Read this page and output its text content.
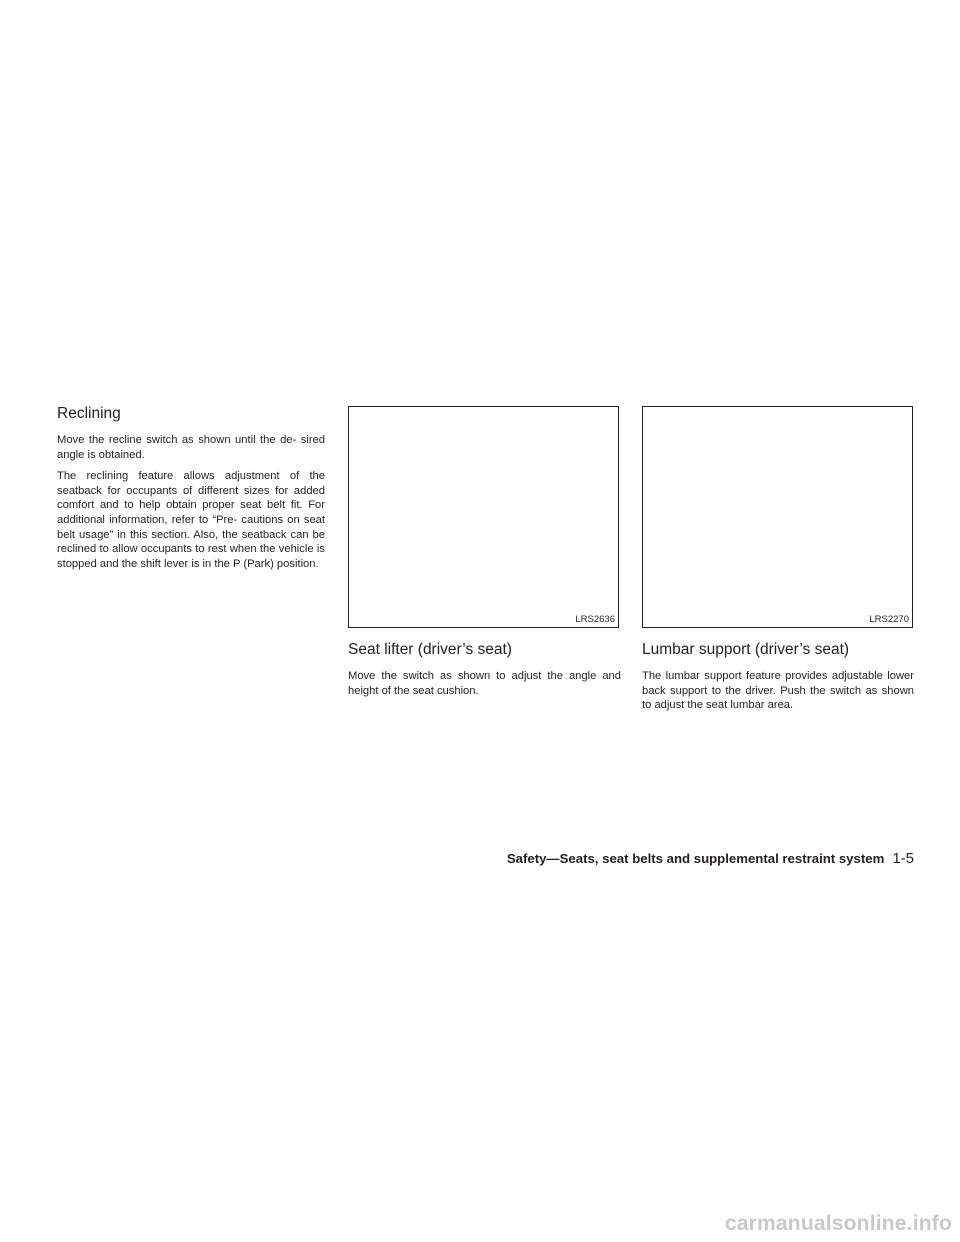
Reclining

Move the recline switch as shown until the de- sired angle is obtained.

The reclining feature allows adjustment of the seatback for occupants of different sizes for added comfort and to help obtain proper seat belt fit. For additional information, refer to “Pre- cautions on seat belt usage” in this section. Also, the seatback can be reclined to allow occupants to rest when the vehicle is stopped and the shift lever is in the P (Park) position.

LRS2636
Seat lifter (driver’s seat)

Move the switch as shown to adjust the angle and height of the seat cushion.

LRS2270
Lumbar support (driver’s seat)

The lumbar support feature provides adjustable lower back support to the driver. Push the switch as shown to adjust the seat lumbar area.

Safety—Seats, seat belts and supplemental restraint system 1-5
carmanualsonline.info
